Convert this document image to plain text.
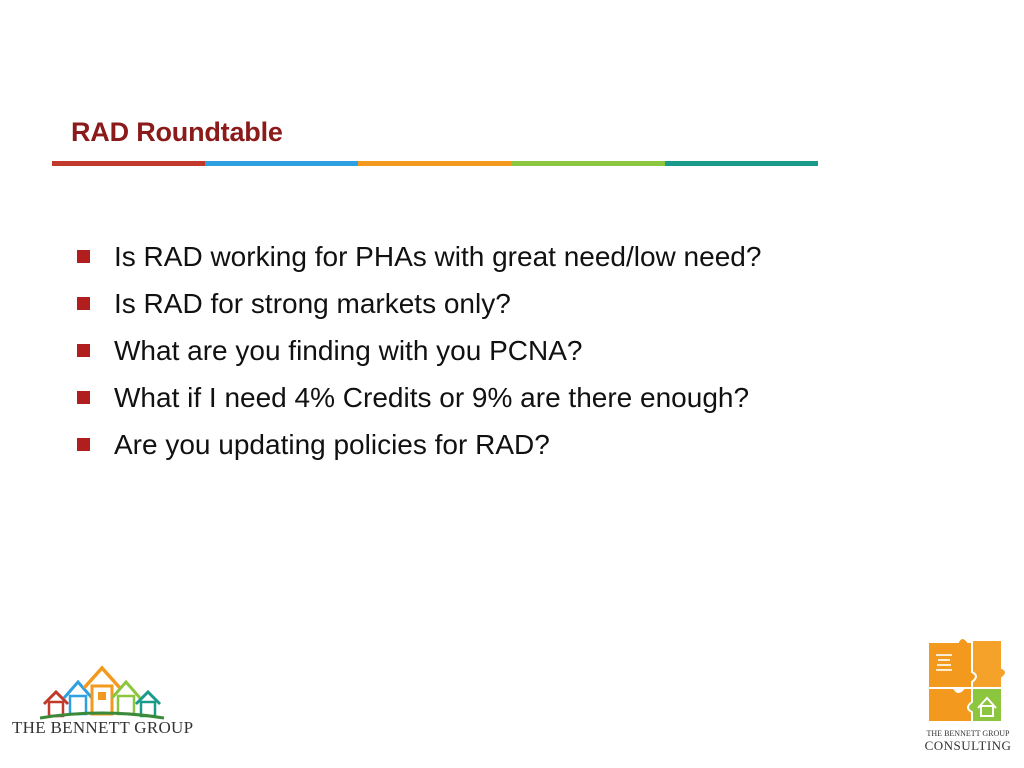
RAD Roundtable
Is RAD working for PHAs with great need/low need?
Is RAD for strong markets only?
What are you finding with you PCNA?
What if I need 4% Credits or 9% are there enough?
Are you updating policies for RAD?
THE BENNETT GROUP	THE BENNETT GROUP
CONSULTING
